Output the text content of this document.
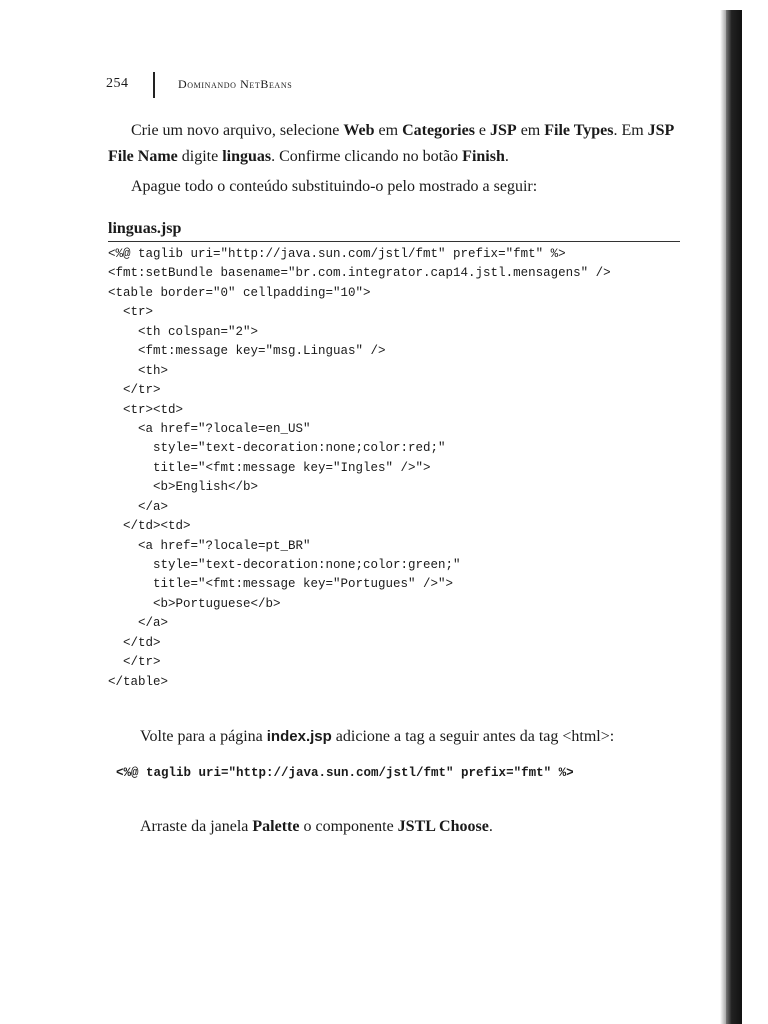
254	Dominando NetBeans
Crie um novo arquivo, selecione Web em Categories e JSP em File Types. Em JSP
File Name digite linguas. Confirme clicando no botão Finish.
Apague todo o conteúdo substituindo-o pelo mostrado a seguir:
linguas.jsp
<%@ taglib uri="http://java.sun.com/jstl/fmt" prefix="fmt" %>
<fmt:setBundle basename="br.com.integrator.cap14.jstl.mensagens" />
<table border="0" cellpadding="10">
<tr>
<th colspan="2">
<fmt:message key="msg.Linguas" />
<th>
</tr>
<tr><td>
<a href="?locale=en_US"
style="text-decoration:none;color:red;"
title="<fmt:message key="Ingles" />">
<b>English</b>
</a>
</td><td>
<a href="?locale=pt_BR"
style="text-decoration:none;color:green;"
title="<fmt:message key="Portugues" />">
<b>Portuguese</b>
</a>
</td>
</tr>
</table>
Volte para a página index.jsp adicione a tag a seguir antes da tag <html>:
<%@ taglib uri="http://java.sun.com/jstl/fmt" prefix="fmt" %>
Arraste da janela Palette o componente JSTL Choose.
